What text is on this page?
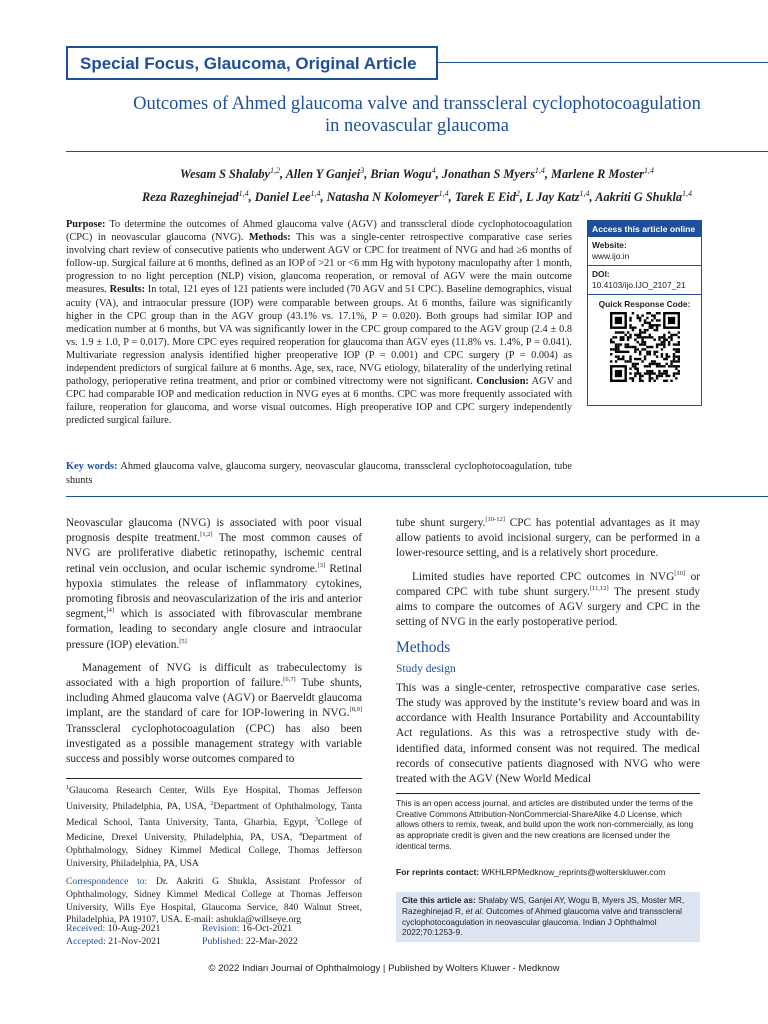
Special Focus, Glaucoma, Original Article
Outcomes of Ahmed glaucoma valve and transscleral cyclophotocoagulation
in neovascular glaucoma
Wesam S Shalaby$^{1,2}$, Allen Y Ganjei$^3$, Brian Wogu$^4$, Jonathan S Myers$^{1,4}$, Marlene R Moster$^{1,4}$
Reza Razeghinejad$^{1,4}$, Daniel Lee$^{1,4}$, Natasha N Kolomeyer$^{1,4}$, Tarek E Eid$^2$, L Jay Katz$^{1,4}$, Aakriti G Shukla$^{1,4}$
Purpose: To determine the outcomes of Ahmed glaucoma valve (AGV) and transscleral diode cyclophotocoagulation (CPC) in neovascular glaucoma (NVG). Methods: This was a single-center retrospective comparative case series involving chart review of consecutive patients who underwent AGV or CPC for treatment of NVG and had ≥6 months of follow-up. Surgical failure at 6 months, defined as an IOP of >21 or <6 mm Hg with hypotony maculopathy after 1 month, progression to no light perception (NLP) vision, glaucoma reoperation, or removal of AGV were the main outcome measures. Results: In total, 121 eyes of 121 patients were included (70 AGV and 51 CPC). Baseline demographics, visual acuity (VA), and intraocular pressure (IOP) were comparable between groups. At 6 months, failure was significantly higher in the CPC group than in the AGV group (43.1% vs. 17.1%, P = 0.020). Both groups had similar IOP and medication number at 6 months, but VA was significantly lower in the CPC group compared to the AGV group (2.4 ± 0.8 vs. 1.9 ± 1.0, P = 0.017). More CPC eyes required reoperation for glaucoma than AGV eyes (11.8% vs. 1.4%, P = 0.041). Multivariate regression analysis identified higher preoperative IOP (P = 0.001) and CPC surgery (P = 0.004) as independent predictors of surgical failure at 6 months. Age, sex, race, NVG etiology, bilaterality of the underlying retinal pathology, perioperative retina treatment, and prior or combined vitrectomy were not significant. Conclusion: AGV and CPC had comparable IOP and medication reduction in NVG eyes at 6 months. CPC was more frequently associated with failure, reoperation for glaucoma, and worse visual outcomes. High preoperative IOP and CPC surgery independently predicted surgical failure.
Key words: Ahmed glaucoma valve, glaucoma surgery, neovascular glaucoma, transscleral cyclophotocoagulation, tube shunts
Access this article online
Website:
www.ijo.in
DOI:
10.4103/ijo.IJO_2107_21
Quick Response Code:

Neovascular glaucoma (NVG) is associated with poor visual prognosis despite treatment.[1,2] The most common causes of NVG are proliferative diabetic retinopathy, ischemic central retinal vein occlusion, and ocular ischemic syndrome.[3] Retinal hypoxia stimulates the release of inflammatory cytokines, promoting fibrosis and neovascularization of the iris and anterior segment,[4] which is associated with fibrovascular membrane formation, leading to secondary angle closure and intraocular pressure (IOP) elevation.[5]

Management of NVG is difficult as trabeculectomy is associated with a high proportion of failure.[6,7] Tube shunts, including Ahmed glaucoma valve (AGV) or Baerveldt glaucoma implant, are the standard of care for IOP-lowering in NVG.[8,9] Transscleral cyclophotocoagulation (CPC) has also been investigated as a possible management strategy with variable success and possibly worse outcomes compared to

tube shunt surgery.[10-12] CPC has potential advantages as it may allow patients to avoid incisional surgery, can be performed in a lower-resource setting, and is a relatively short procedure.

Limited studies have reported CPC outcomes in NVG[10] or compared CPC with tube shunt surgery.[11,12] The present study aims to compare the outcomes of AGV surgery and CPC in the setting of NVG in the early postoperative period.

Methods
Study design

This was a single-center, retrospective comparative case series. The study was approved by the institute’s review board and was in accordance with Health Insurance Portability and Accountability Act regulations. As this was a retrospective study with de-identified data, informed consent was not required. The medical records of consecutive patients diagnosed with NVG who were treated with the AGV (New World Medical

$^1$Glaucoma Research Center, Wills Eye Hospital, Thomas Jefferson University, Philadelphia, PA, USA, $^2$Department of Ophthalmology, Tanta Medical School, Tanta University, Tanta, Gharbia, Egypt, $^3$College of Medicine, Drexel University, Philadelphia, PA, USA, $^4$Department of Ophthalmology, Sidney Kimmel Medical College, Thomas Jefferson University, Philadelphia, PA, USA
Correspondence to: Dr. Aakriti G Shukla, Assistant Professor of Ophthalmology, Sidney Kimmel Medical College at Thomas Jefferson University, Wills Eye Hospital, Glaucoma Service, 840 Walnut Street, Philadelphia, PA 19107, USA. E-mail: ashukla@willseye.org
Received: 10-Aug-2021	Revision: 16-Oct-2021
Accepted: 21-Nov-2021	Published: 22-Mar-2022
This is an open access journal, and articles are distributed under the terms of the Creative Commons Attribution-NonCommercial-ShareAlike 4.0 License, which allows others to remix, tweak, and build upon the work non-commercially, as long as appropriate credit is given and the new creations are licensed under the identical terms.
For reprints contact: WKHLRPMedknow_reprints@wolterskluwer.com
Cite this article as: Shalaby WS, Ganjei AY, Wogu B, Myers JS, Moster MR, Razeghinejad R, et al. Outcomes of Ahmed glaucoma valve and transscleral cyclophotocoagulation in neovascular glaucoma. Indian J Ophthalmol 2022;70:1253-9.
© 2022 Indian Journal of Ophthalmology | Published by Wolters Kluwer - Medknow
